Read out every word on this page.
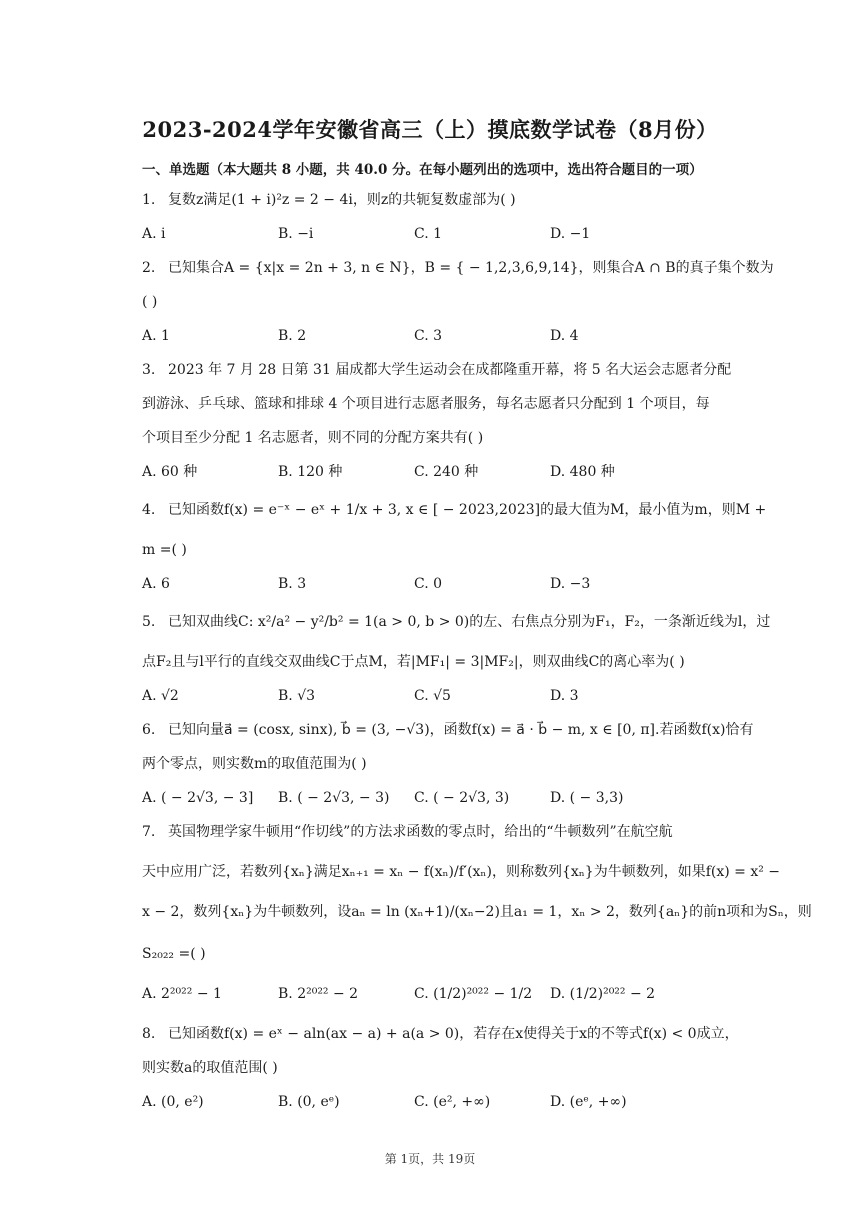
2023-2024学年安徽省高三（上）摸底数学试卷（8月份）
一、单选题（本大题共 8 小题，共 40.0 分。在每小题列出的选项中，选出符合题目的一项）
1. 复数z满足(1 + i)²z = 2 − 4i，则z的共轭复数虚部为( )
A. i	B. −i	C. 1	D. −1
2. 已知集合A = {x|x = 2n + 3, n ∈ N}，B = { − 1,2,3,6,9,14}，则集合A ∩ B的真子集个数为
( )
A. 1	B. 2	C. 3	D. 4
3. 2023 年 7 月 28 日第 31 届成都大学生运动会在成都隆重开幕，将 5 名大运会志愿者分配
到游泳、乒乓球、篮球和排球 4 个项目进行志愿者服务，每名志愿者只分配到 1 个项目，每
个项目至少分配 1 名志愿者，则不同的分配方案共有( )
A. 60 种	B. 120 种	C. 240 种	D. 480 种
4. 已知函数f(x) = e⁻ˣ − eˣ + 1/x + 3, x ∈ [ − 2023,2023]的最大值为M，最小值为m，则M +
m =( )
A. 6	B. 3	C. 0	D. −3
5. 已知双曲线C: x²/a² − y²/b² = 1(a > 0, b > 0)的左、右焦点分别为F₁，F₂，一条渐近线为l，过
点F₂且与l平行的直线交双曲线C于点M，若|MF₁| = 3|MF₂|，则双曲线C的离心率为( )
A. √2	B. √3	C. √5	D. 3
6. 已知向量a⃗ = (cosx, sinx), b⃗ = (3, −√3)，函数f(x) = a⃗ · b⃗ − m, x ∈ [0, π].若函数f(x)恰有
两个零点，则实数m的取值范围为( )
A. ( − 2√3, − 3] B. ( − 2√3, − 3) C. ( − 2√3, 3)	D. ( − 3,3)
7. 英国物理学家牛顿用“作切线”的方法求函数的零点时，给出的“牛顿数列”在航空航
天中应用广泛，若数列{xₙ}满足xₙ₊₁ = xₙ − f(xₙ)/f′(xₙ)，则称数列{xₙ}为牛顿数列，如果f(x) = x² −
x − 2，数列{xₙ}为牛顿数列，设aₙ = ln (xₙ+1)/(xₙ−2)且a₁ = 1，xₙ > 2，数列{aₙ}的前n项和为Sₙ，则
S₂₀₂₂ =( )
A. 2²⁰²² − 1	B. 2²⁰²² − 2	C. (1/2)²⁰²² − 1/2 D. (1/2)²⁰²² − 2
8. 已知函数f(x) = eˣ − aln(ax − a) + a(a > 0)，若存在x使得关于x的不等式f(x) < 0成立，
则实数a的取值范围( )
A. (0, e²)	B. (0, eᵉ)	C. (e², +∞)	D. (eᵉ, +∞)
第 1页，共 19页
